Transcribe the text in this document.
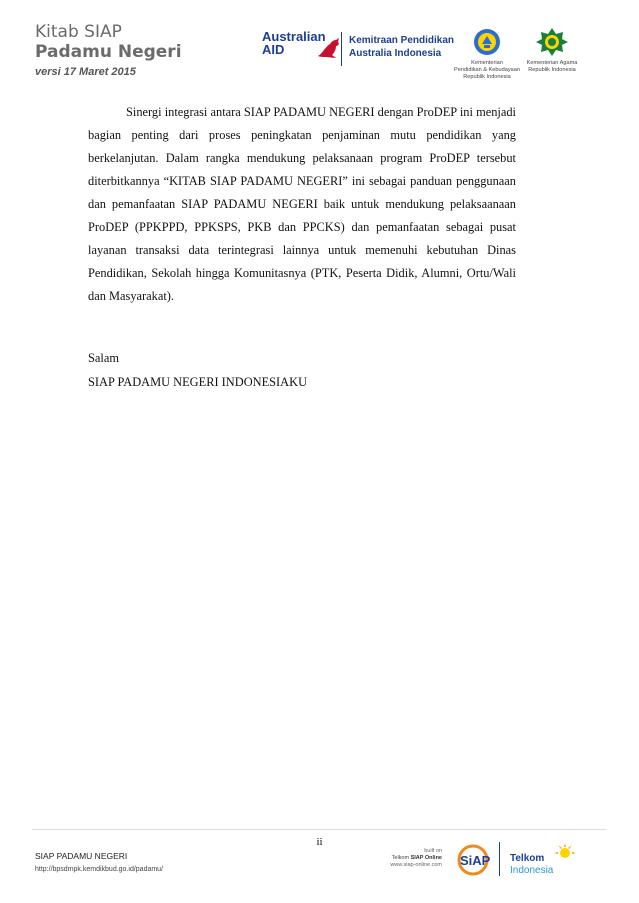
Kitab SIAP
Padamu Negeri
versi 17 Maret 2015
Australian
AID
Kemitraan Pendidikan
Australia Indonesia
Kementerian
Pendidikan & Kebudayaan
Republik Indonesia
Kementerian Agama
Republik Indonesia

Sinergi integrasi antara SIAP PADAMU NEGERI dengan ProDEP ini menjadi bagian penting dari proses peningkatan penjaminan mutu pendidikan yang berkelanjutan. Dalam rangka mendukung pelaksanaan program ProDEP tersebut diterbitkannya “KITAB SIAP PADAMU NEGERI” ini sebagai panduan penggunaan dan pemanfaatan SIAP PADAMU NEGERI baik untuk mendukung pelaksaanaan ProDEP (PPKPPD, PPKSPS, PKB dan PPCKS) dan pemanfaatan sebagai pusat layanan transaksi data terintegrasi lainnya untuk memenuhi kebutuhan Dinas Pendidikan, Sekolah hingga Komunitasnya (PTK, Peserta Didik, Alumni, Ortu/Wali dan Masyarakat).

Salam
SIAP PADAMU NEGERI INDONESIAKU
ii
SIAP PADAMU NEGERI
http://bpsdmpk.kemdikbud.go.id/padamu/
built on
Telkom SIAP Online
www.siap-online.com SiAP Telkom
Indonesia
